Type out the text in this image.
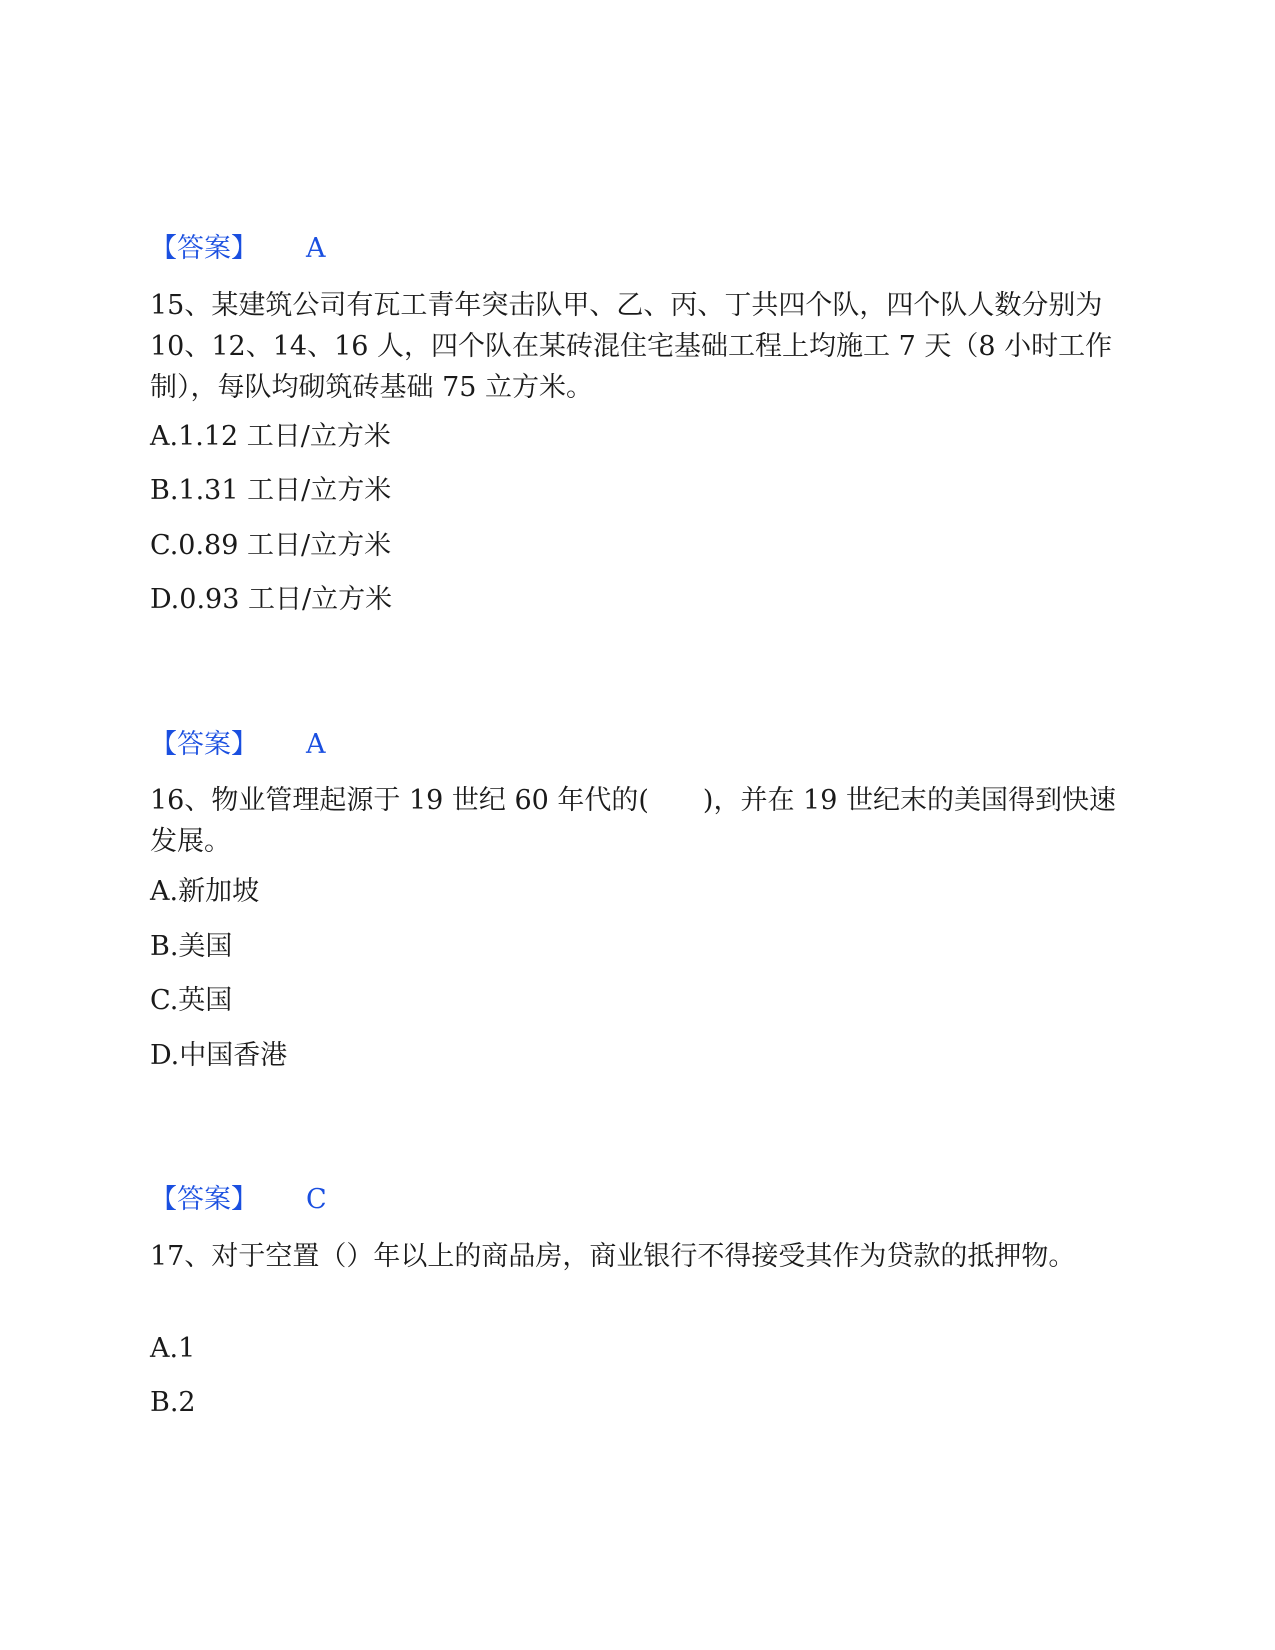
【答案】 A
15、某建筑公司有瓦工青年突击队甲、乙、丙、丁共四个队，四个队人数分别为 10、12、14、16 人，四个队在某砖混住宅基础工程上均施工 7 天（8 小时工作制），每队均砌筑砖基础 75 立方米。
A.1.12 工日/立方米
B.1.31 工日/立方米
C.0.89 工日/立方米
D.0.93 工日/立方米
【答案】 A
16、物业管理起源于 19 世纪 60 年代的(　　)，并在 19 世纪末的美国得到快速发展。
A.新加坡
B.美国
C.英国
D.中国香港
【答案】 C
17、对于空置（）年以上的商品房，商业银行不得接受其作为贷款的抵押物。
A.1
B.2
